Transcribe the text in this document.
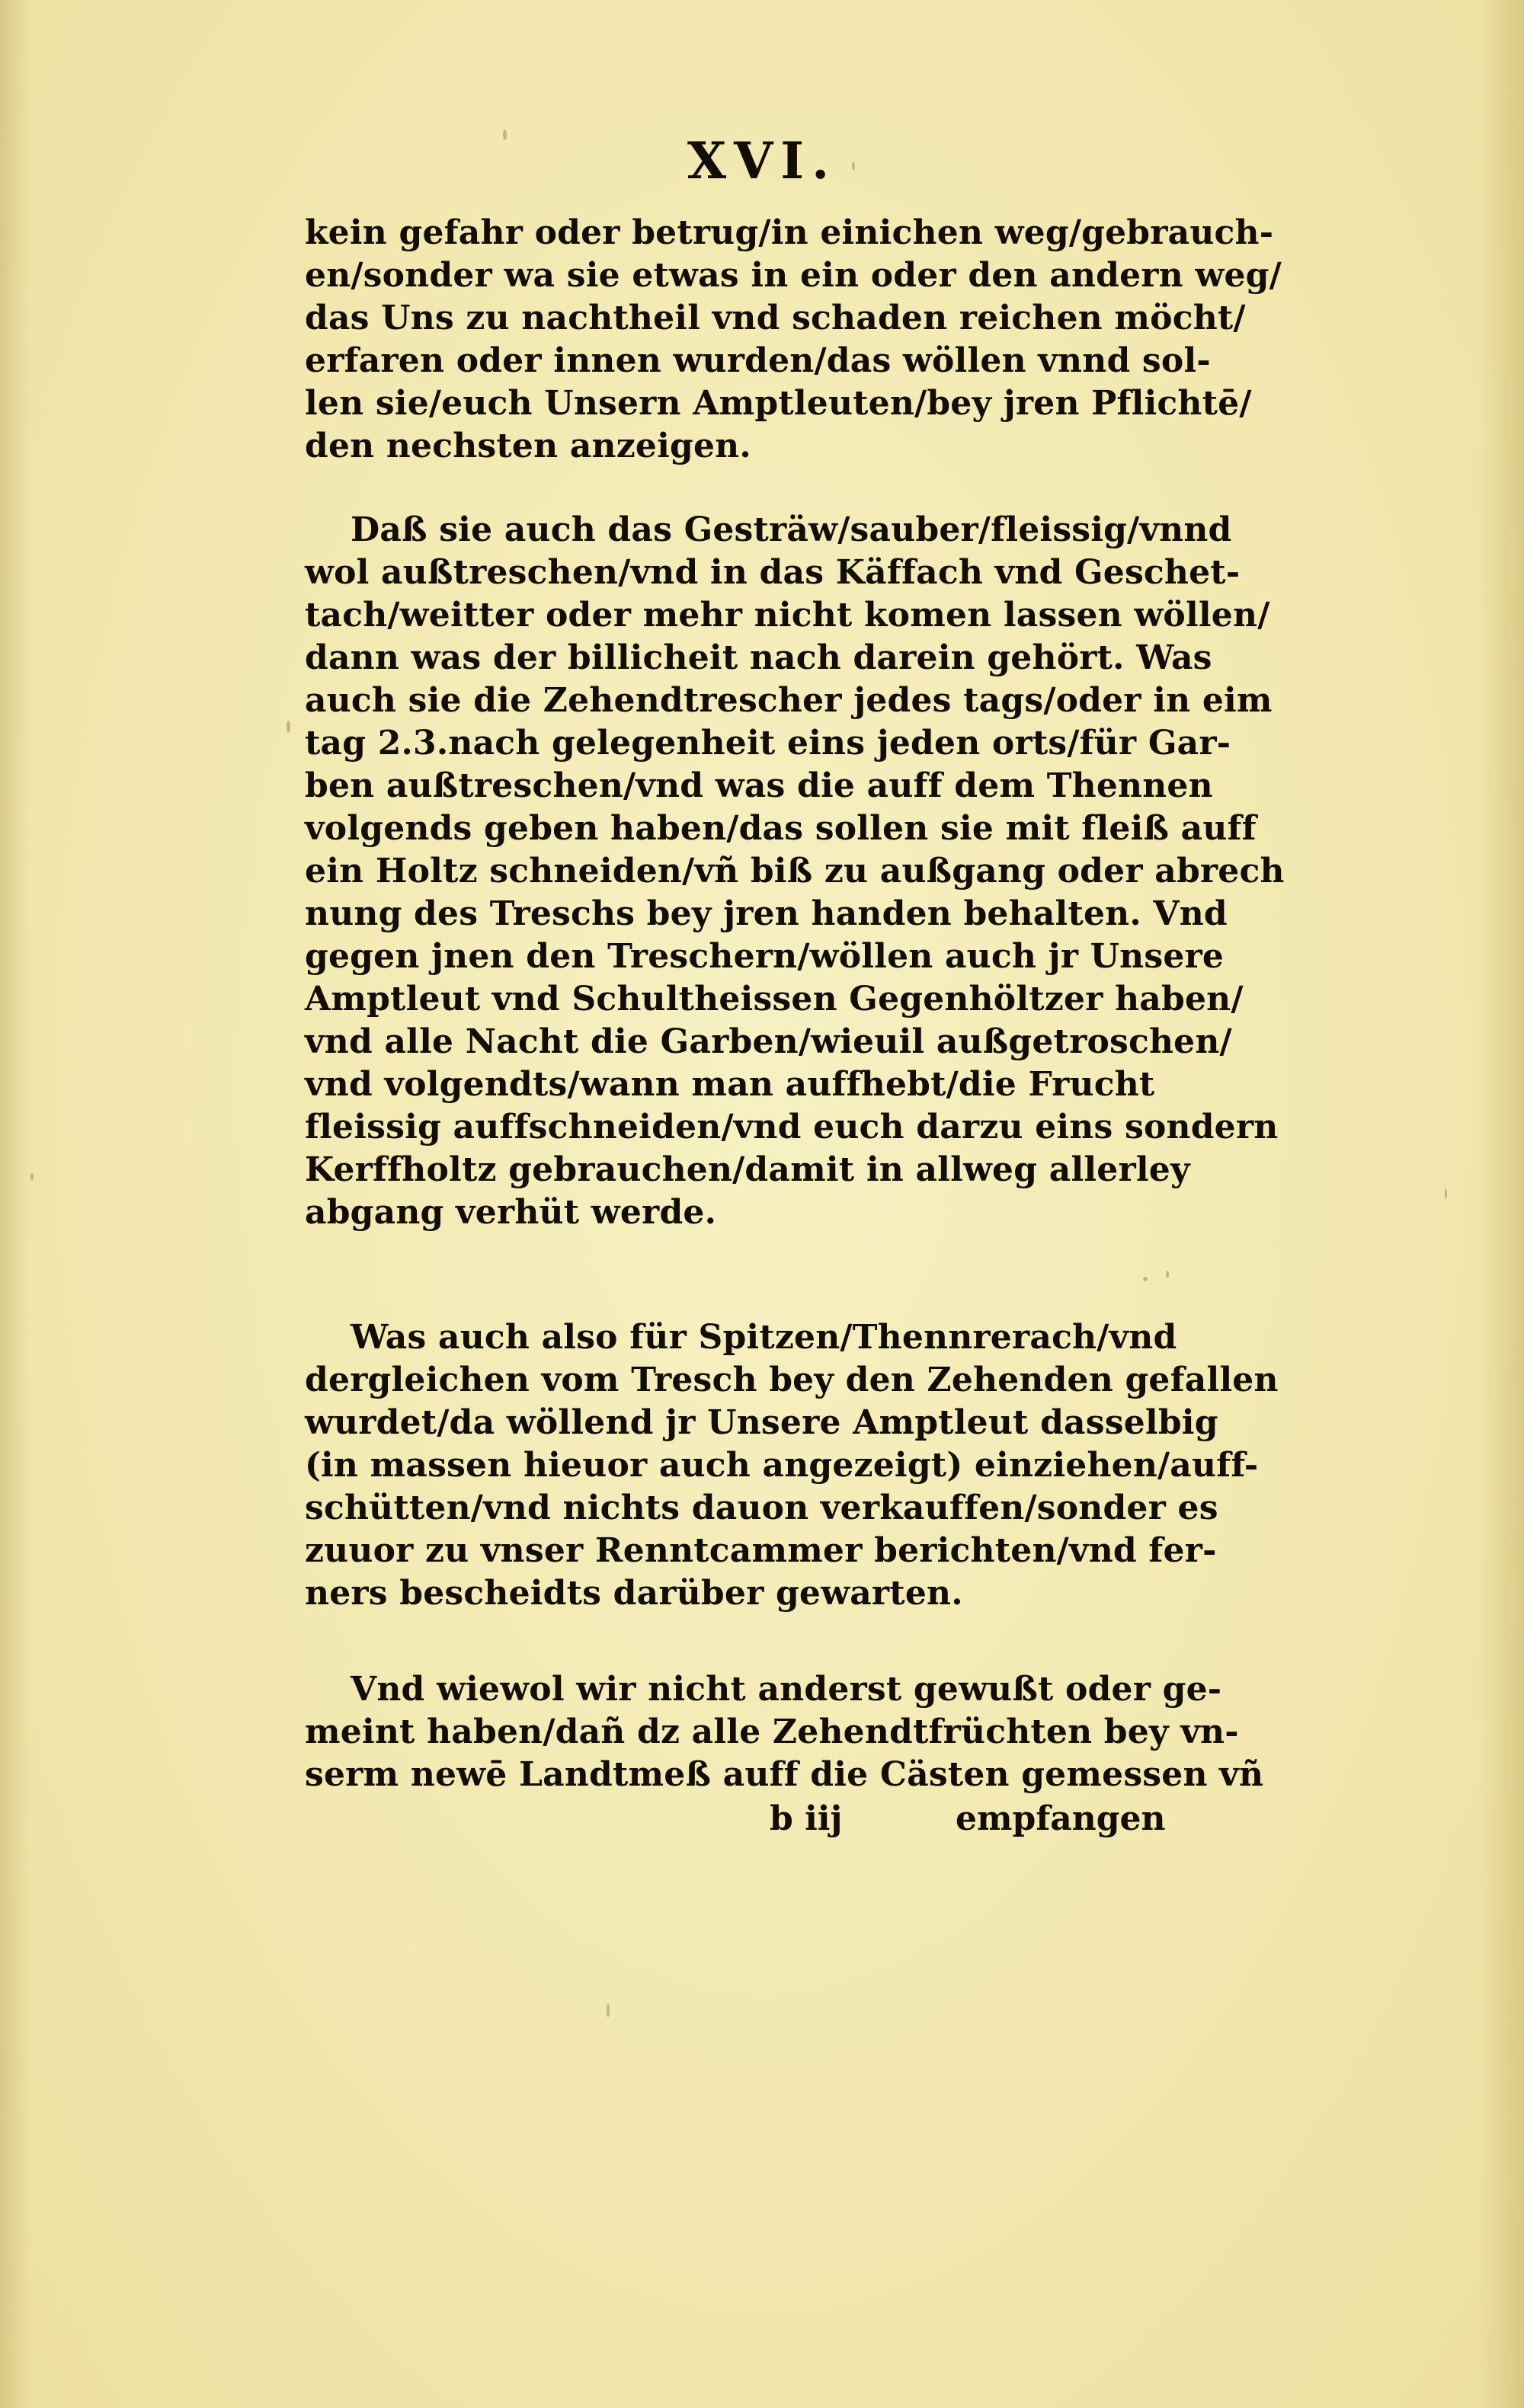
XVI.
kein gefahr oder betrug/in einichen weg/gebrauch-
en/sonder wa sie etwas in ein oder den andern weg/
das Uns zu nachtheil vnd schaden reichen möcht/
erfaren oder innen wurden/das wöllen vnnd sol-
len sie/euch Unsern Amptleuten/bey jren Pflichtē/
den nechsten anzeigen.
Daß sie auch das Gesträw/sauber/fleissig/vnnd
wol außtreschen/vnd in das Käffach vnd Geschet-
tach/weitter oder mehr nicht komen lassen wöllen/
dann was der billicheit nach darein gehört. Was
auch sie die Zehendtrescher jedes tags/oder in eim
tag 2.3.nach gelegenheit eins jeden orts/für Gar-
ben außtreschen/vnd was die auff dem Thennen
volgends geben haben/das sollen sie mit fleiß auff
ein Holtz schneiden/vñ biß zu außgang oder abrech
nung des Treschs bey jren handen behalten. Vnd
gegen jnen den Treschern/wöllen auch jr Unsere
Amptleut vnd Schultheissen Gegenhöltzer haben/
vnd alle Nacht die Garben/wieuil außgetroschen/
vnd volgendts/wann man auffhebt/die Frucht
fleissig auffschneiden/vnd euch darzu eins sondern
Kerffholtz gebrauchen/damit in allweg allerley
abgang verhüt werde.
Was auch also für Spitzen/Thennrerach/vnd
dergleichen vom Tresch bey den Zehenden gefallen
wurdet/da wöllend jr Unsere Amptleut dasselbig
(in massen hieuor auch angezeigt) einziehen/auff-
schütten/vnd nichts dauon verkauffen/sonder es
zuuor zu vnser Renntcammer berichten/vnd fer-
ners bescheidts darüber gewarten.
Vnd wiewol wir nicht anderst gewußt oder ge-
meint haben/dañ dz alle Zehendtfrüchten bey vn-
serm newē Landtmeß auff die Cästen gemessen vñ
b iij	empfangen
